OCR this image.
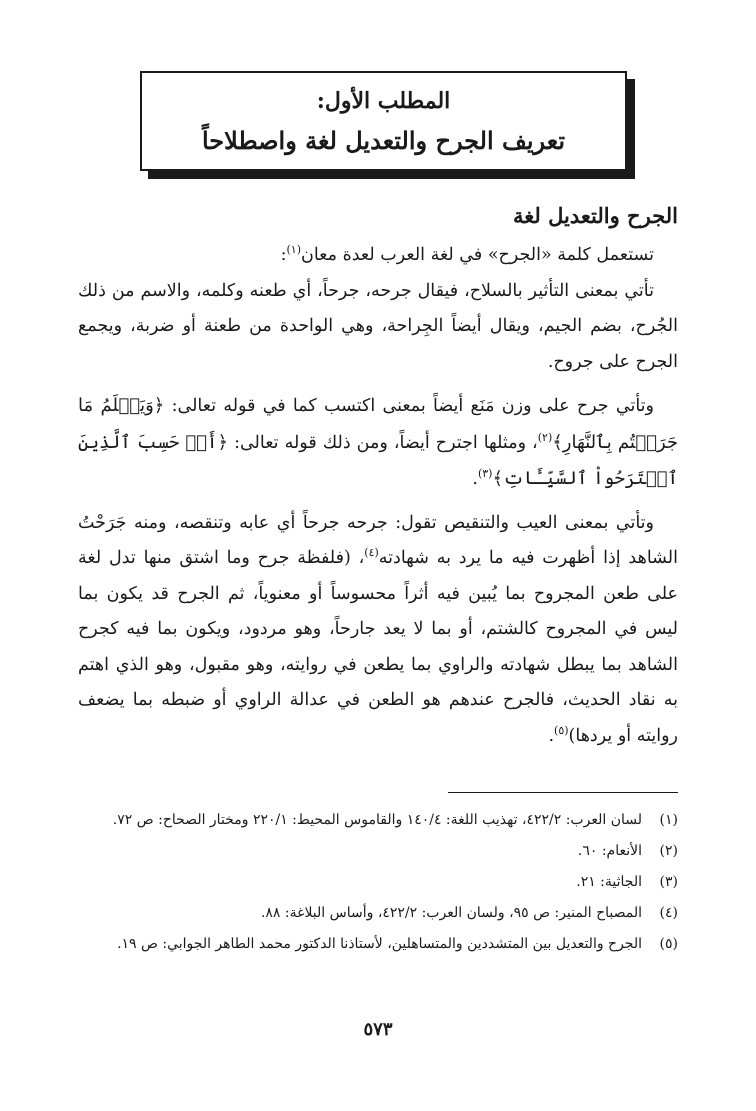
المطلب الأول:
تعريف الجرح والتعديل لغة واصطلاحاً
الجرح والتعديل لغة

تستعمل كلمة «الجرح» في لغة العرب لعدة معان$^{(١)}$:

تأتي بمعنى التأثير بالسلاح، فيقال جرحه، جرحاً، أي طعنه وكلمه، والاسم من ذلك الجُرح، بضم الجيم، ويقال أيضاً الجِراحة، وهي الواحدة من طعنة أو ضربة، ويجمع الجرح على جروح.

وتأتي جرح على وزن مَنَع أيضاً بمعنى اكتسب كما في قوله تعالى: ﴿وَيَعۡلَمُ مَا جَرَحۡتُم بِٱلنَّهَارِ﴾$^{(٢)}$، ومثلها اجترح أيضاً، ومن ذلك قوله تعالى: ﴿أَمۡ حَسِبَ ٱلَّذِينَ ٱجۡتَرَحُواْ ٱلسَّيِّـَٔاتِ﴾$^{(٣)}$.

وتأتي بمعنى العيب والتنقيص تقول: جرحه جرحاً أي عابه وتنقصه، ومنه جَرَحْتُ الشاهد إذا أظهرت فيه ما يرد به شهادته$^{(٤)}$، (فلفظة جرح وما اشتق منها تدل لغة على طعن المجروح بما يُبين فيه أثراً محسوساً أو معنوياً، ثم الجرح قد يكون بما ليس في المجروح كالشتم، أو بما لا يعد جارحاً، وهو مردود، ويكون بما فيه كجرح الشاهد بما يبطل شهادته والراوي بما يطعن في روايته، وهو مقبول، وهو الذي اهتم به نقاد الحديث، فالجرح عندهم هو الطعن في عدالة الراوي أو ضبطه بما يضعف روايته أو يردها)$^{(٥)}$.

(١)
لسان العرب: ٤٢٢/٢، تهذيب اللغة: ١٤٠/٤ والقاموس المحيط: ٢٢٠/١ ومختار الصحاح: ص ٧٢.
(٢)
الأنعام: ٦٠.
(٣)
الجاثية: ٢١.
(٤)
المصباح المنير: ص ٩٥، ولسان العرب: ٤٢٢/٢، وأساس البلاغة: ٨٨.
(٥)
الجرح والتعديل بين المتشددين والمتساهلين، لأستاذنا الدكتور محمد الطاهر الجوابي: ص ١٩.
٥٧٣
